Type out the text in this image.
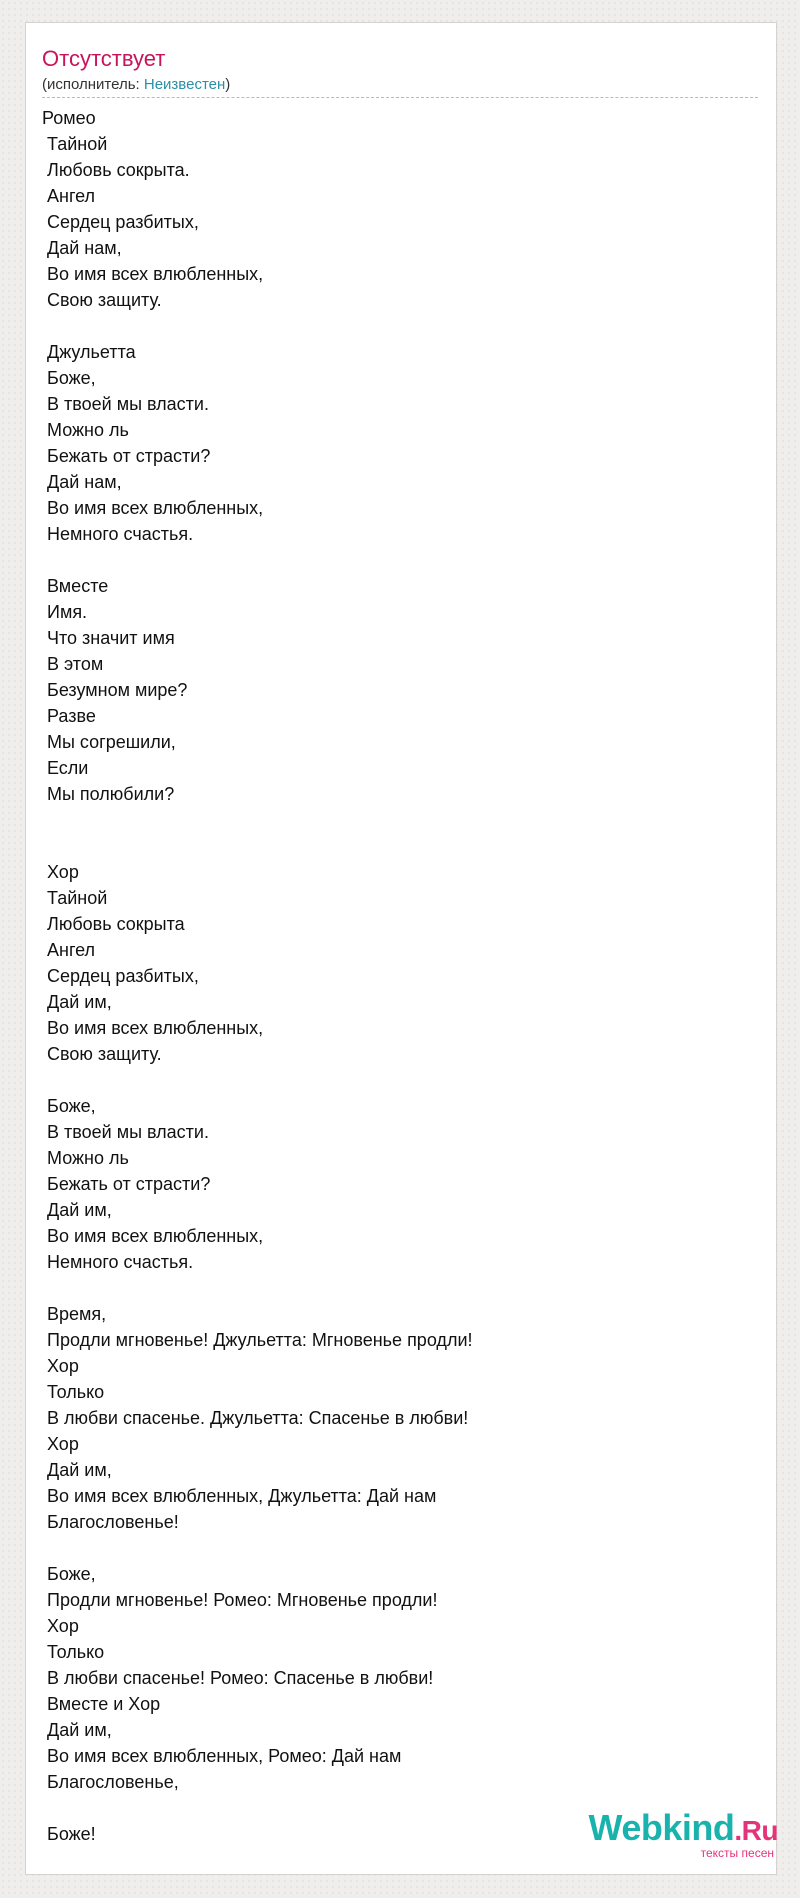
Отсутствует
(исполнитель: Неизвестен)
Ромео
Тайной
Любовь сокрыта.
Ангел
Сердец разбитых,
Дай нам,
Во имя всех влюбленных,
Свою защиту.
Джульетта
Боже,
В твоей мы власти.
Можно ль
Бежать от страсти?
Дай нам,
Во имя всех влюбленных,
Немного счастья.
Вместе
Имя.
Что значит имя
В этом
Безумном мире?
Разве
Мы согрешили,
Если
Мы полюбили?
Хор
Тайной
Любовь сокрыта
Ангел
Сердец разбитых,
Дай им,
Во имя всех влюбленных,
Свою защиту.
Боже,
В твоей мы власти.
Можно ль
Бежать от страсти?
Дай им,
Во имя всех влюбленных,
Немного счастья.
Время,
Продли мгновенье! Джульетта: Мгновенье продли!
Хор
Только
В любви спасенье. Джульетта: Спасенье в любви!
Хор
Дай им,
Во имя всех влюбленных, Джульетта: Дай нам
Благословенье!
Боже,
Продли мгновенье! Ромео: Мгновенье продли!
Хор
Только
В любви спасенье! Ромео: Спасенье в любви!
Вместе и Хор
Дай им,
Во имя всех влюбленных, Ромео: Дай нам
Благословенье,
Боже!	Webkind.Ru
тексты песен
